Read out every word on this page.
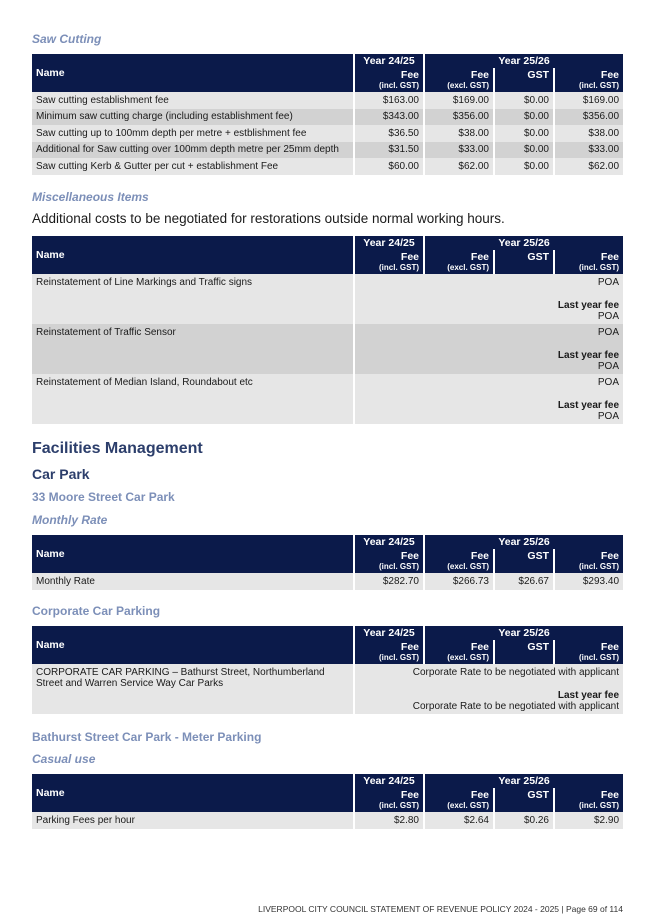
Saw Cutting
Name	Year 24/25	Year 25/26		
	Fee	Fee	GST	Fee
	(incl. GST)	(excl. GST)		(incl. GST)
Saw cutting establishment fee	$163.00	$169.00	$0.00	$169.00
Minimum saw cutting charge (including establishment fee)	$343.00	$356.00	$0.00	$356.00
Saw cutting up to 100mm depth per metre + estblishment fee	$36.50	$38.00	$0.00	$38.00
Additional for Saw cutting over 100mm depth metre per 25mm depth	$31.50	$33.00	$0.00	$33.00
Saw cutting Kerb & Gutter per cut + establishment Fee	$60.00	$62.00	$0.00	$62.00
Miscellaneous Items
Additional costs to be negotiated for restorations outside normal working hours.
Name	Year 24/25	Year 25/26		
	Fee	Fee	GST	Fee
	(incl. GST)	(excl. GST)		(incl. GST)
Reinstatement of Line Markings and Traffic signs	POA
Last year fee
POA			
Reinstatement of Traffic Sensor	POA
Last year fee
POA			
Reinstatement of Median Island, Roundabout etc	POA
Last year fee
POA			
Facilities Management
Car Park
33 Moore Street Car Park
Monthly Rate
Name	Year 24/25	Year 25/26		
	Fee	Fee	GST	Fee
	(incl. GST)	(excl. GST)		(incl. GST)
Monthly Rate	$282.70	$266.73	$26.67	$293.40
Corporate Car Parking
Name	Year 24/25	Year 25/26		
	Fee	Fee	GST	Fee
	(incl. GST)	(excl. GST)		(incl. GST)
CORPORATE CAR PARKING – Bathurst Street, Northumberland Street and Warren Service Way Car Parks	Corporate Rate to be negotiated with applicant
Last year fee
Corporate Rate to be negotiated with applicant			
Bathurst Street Car Park - Meter Parking
Casual use
Name	Year 24/25	Year 25/26		
	Fee	Fee	GST	Fee
	(incl. GST)	(excl. GST)		(incl. GST)
Parking Fees per hour	$2.80	$2.64	$0.26	$2.90
LIVERPOOL CITY COUNCIL STATEMENT OF REVENUE POLICY 2024 - 2025 | Page 69 of 114
